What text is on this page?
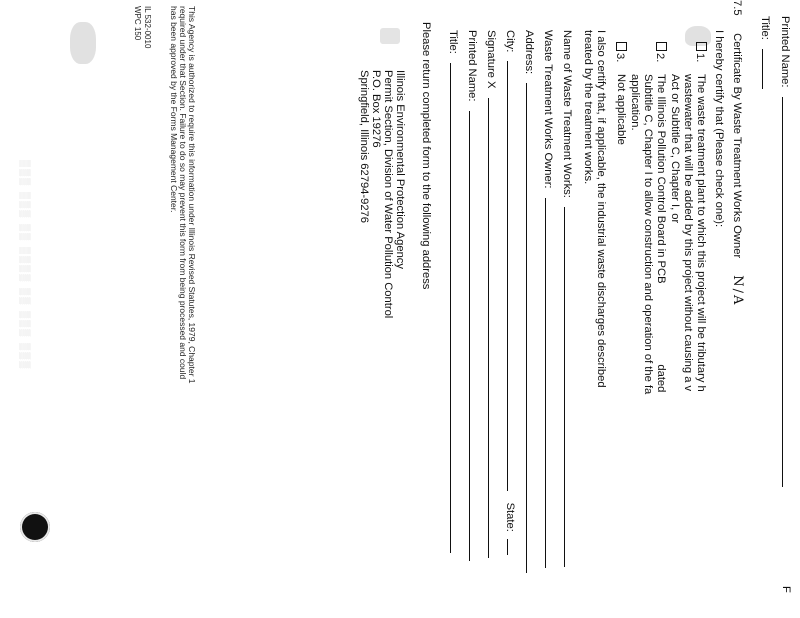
▒▒▒ ▒▒▒ ▒▒ ▒▒▒▒ ▒▒ ▒▒▒ ▒▒▒
Printed Name:
F
Title:
7.5 Certificate By Waste Treatment Works Owner N/A
I hereby certify that (Please check one):
1.
The waste treatment plant to which this project will be tributary h
wastewater that will be added by this project without causing a v
Act or Subtitle C, Chapter I, or
2.
The Illinois Pollution Control Board in PCB                          dated
Subtitle C, Chapter I to allow construction and operation of the fa
application.
3.
Not applicable
I also certify that, if applicable, the industrial waste discharges described
treated by the treatment works.
Name of Waste Treatment Works:
Waste Treatment Works Owner:
Address:
City:  State:
Signature X
Printed Name:
Title:
Please return completed form to the following address
Illinois Environmental Protection Agency
Permit Section, Division of Water Pollution Control
P.O. Box 19276
Springfield, Illinois 62794-9276
This Agency is authorized to require this information under Illinois Revised Statutes, 1979, Chapter 1
required under that Section. Failure to do so may prevent this form from being processed and could
has been approved by the Forms Management Center.
IL 532-0010
WPC 150
